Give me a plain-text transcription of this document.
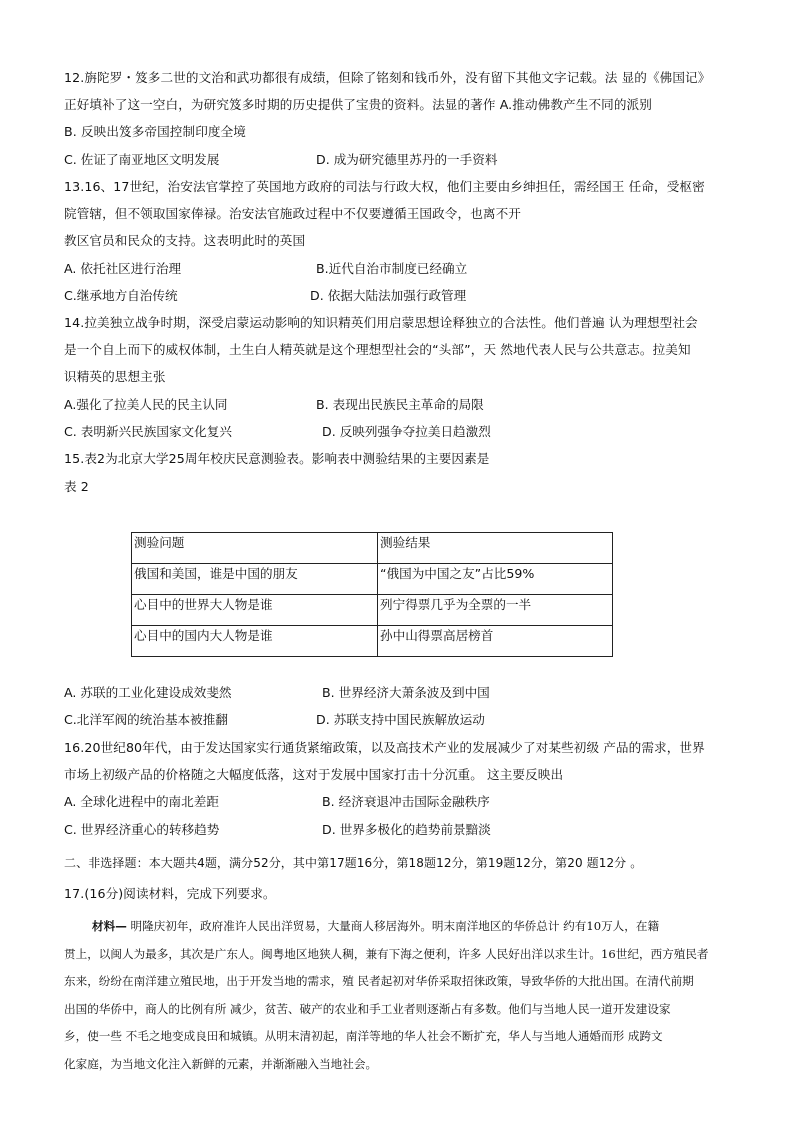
12.旃陀罗・笈多二世的文治和武功都很有成绩，但除了铭刻和钱币外，没有留下其他文字记载。法 显的《佛国记》
正好填补了这一空白，为研究笈多时期的历史提供了宝贵的资料。法显的著作 A.推动佛教产生不同的派别
B. 反映出笈多帝国控制印度全境
C. 佐证了南亚地区文明发展	D. 成为研究德里苏丹的一手资料
13.16、17世纪，治安法官掌控了英国地方政府的司法与行政大权，他们主要由乡绅担任，需经国王 任命，受枢密
院管辖，但不领取国家俸禄。治安法官施政过程中不仅要遵循王国政令，也离不开
教区官员和民众的支持。这表明此时的英国
A. 依托社区进行治理	B.近代自治市制度已经确立
C.继承地方自治传统	D. 依据大陆法加强行政管理
14.拉美独立战争时期，深受启蒙运动影响的知识精英们用启蒙思想诠释独立的合法性。他们普遍 认为理想型社会
是一个自上而下的威权体制，土生白人精英就是这个理想型社会的“头部”，天 然地代表人民与公共意志。拉美知
识精英的思想主张
A.强化了拉美人民的民主认同	B. 表现出民族民主革命的局限
C. 表明新兴民族国家文化复兴	D. 反映列强争夺拉美日趋激烈
15.表2为北京大学25周年校庆民意测验表。影响表中测验结果的主要因素是
表 2
测验问题	测验结果
俄国和美国，谁是中国的朋友	“俄国为中国之友”占比59%
心目中的世界大人物是谁	列宁得票几乎为全票的一半
心目中的国内大人物是谁	孙中山得票高居榜首
A. 苏联的工业化建设成效斐然	B. 世界经济大萧条波及到中国
C.北洋军阀的统治基本被推翻	D. 苏联支持中国民族解放运动
16.20世纪80年代，由于发达国家实行通货紧缩政策，以及高技术产业的发展减少了对某些初级 产品的需求，世界
市场上初级产品的价格随之大幅度低落，这对于发展中国家打击十分沉重。 这主要反映出
A. 全球化进程中的南北差距	B. 经济衰退冲击国际金融秩序
C. 世界经济重心的转移趋势	D. 世界多极化的趋势前景黯淡
二、非选择题：本大题共4题，满分52分，其中第17题16分，第18题12分，第19题12分，第20 题12分 。
17.(16分)阅读材料，完成下列要求。
材料— 明隆庆初年，政府准许人民出洋贸易，大量商人移居海外。明末南洋地区的华侨总计 约有10万人，在籍
贯上，以闽人为最多，其次是广东人。闽粤地区地狭人稠，兼有下海之便利，许多 人民好出洋以求生计。16世纪，西方殖民者
东来，纷纷在南洋建立殖民地，出于开发当地的需求，殖 民者起初对华侨采取招徕政策，导致华侨的大批出国。在清代前期
出国的华侨中，商人的比例有所 减少，贫苦、破产的农业和手工业者则逐渐占有多数。他们与当地人民一道开发建设家
乡，使一些 不毛之地变成良田和城镇。从明末清初起，南洋等地的华人社会不断扩充，华人与当地人通婚而形 成跨文
化家庭，为当地文化注入新鲜的元素，并渐渐融入当地社会。
